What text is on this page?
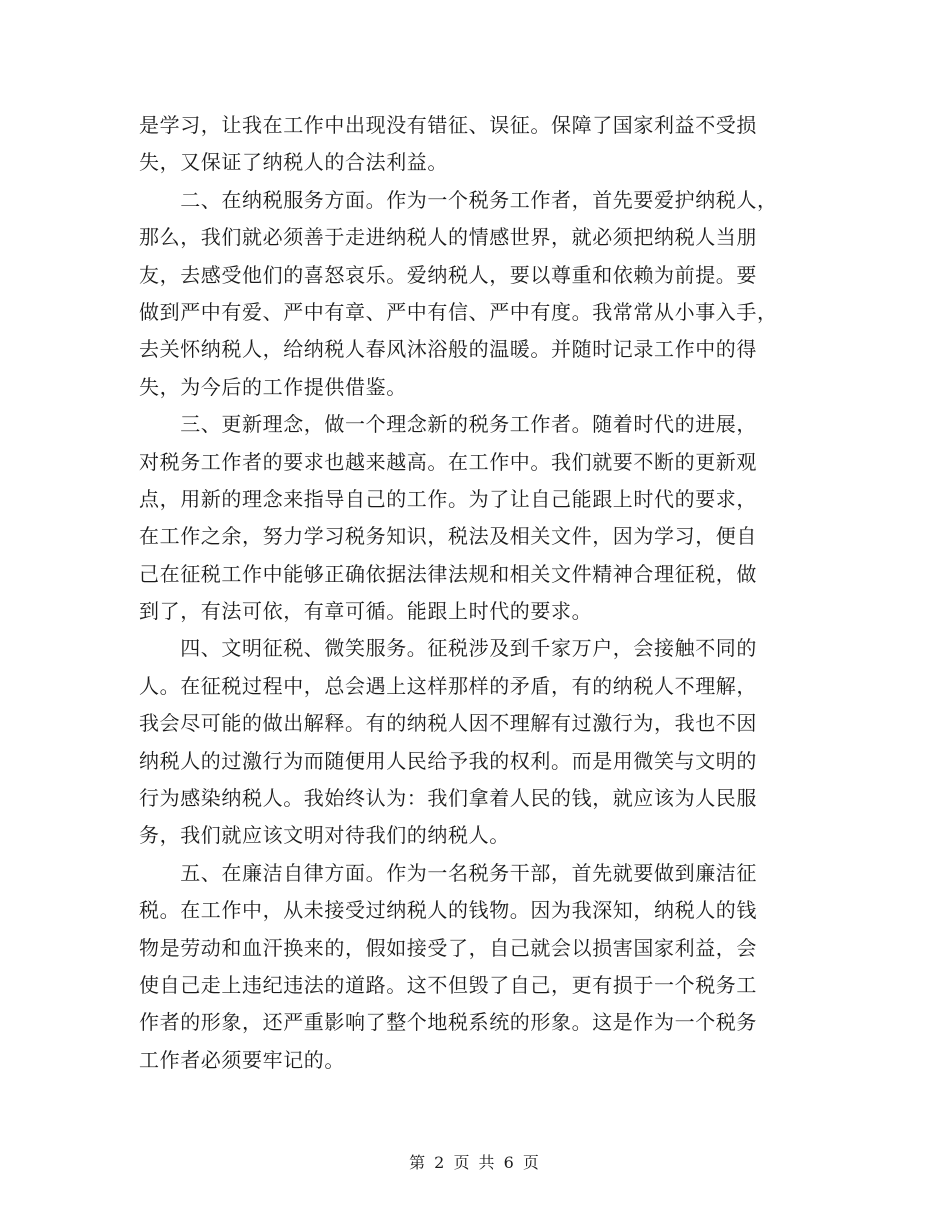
是学习，让我在工作中出现没有错征、误征。保障了国家利益不受损
失，又保证了纳税人的合法利益。
　　二、在纳税服务方面。作为一个税务工作者，首先要爱护纳税人，
那么，我们就必须善于走进纳税人的情感世界，就必须把纳税人当朋
友，去感受他们的喜怒哀乐。爱纳税人，要以尊重和依赖为前提。要
做到严中有爱、严中有章、严中有信、严中有度。我常常从小事入手，
去关怀纳税人，给纳税人春风沐浴般的温暖。并随时记录工作中的得
失，为今后的工作提供借鉴。
　　三、更新理念，做一个理念新的税务工作者。随着时代的进展，
对税务工作者的要求也越来越高。在工作中。我们就要不断的更新观
点，用新的理念来指导自己的工作。为了让自己能跟上时代的要求，
在工作之余，努力学习税务知识，税法及相关文件，因为学习，便自
己在征税工作中能够正确依据法律法规和相关文件精神合理征税，做
到了，有法可依，有章可循。能跟上时代的要求。
　　四、文明征税、微笑服务。征税涉及到千家万户，会接触不同的
人。在征税过程中，总会遇上这样那样的矛盾，有的纳税人不理解，
我会尽可能的做出解释。有的纳税人因不理解有过激行为，我也不因
纳税人的过激行为而随便用人民给予我的权利。而是用微笑与文明的
行为感染纳税人。我始终认为：我们拿着人民的钱，就应该为人民服
务，我们就应该文明对待我们的纳税人。
　　五、在廉洁自律方面。作为一名税务干部，首先就要做到廉洁征
税。在工作中，从未接受过纳税人的钱物。因为我深知，纳税人的钱
物是劳动和血汗换来的，假如接受了，自己就会以损害国家利益，会
使自己走上违纪违法的道路。这不但毁了自己，更有损于一个税务工
作者的形象，还严重影响了整个地税系统的形象。这是作为一个税务
工作者必须要牢记的。
第 2 页 共 6 页
